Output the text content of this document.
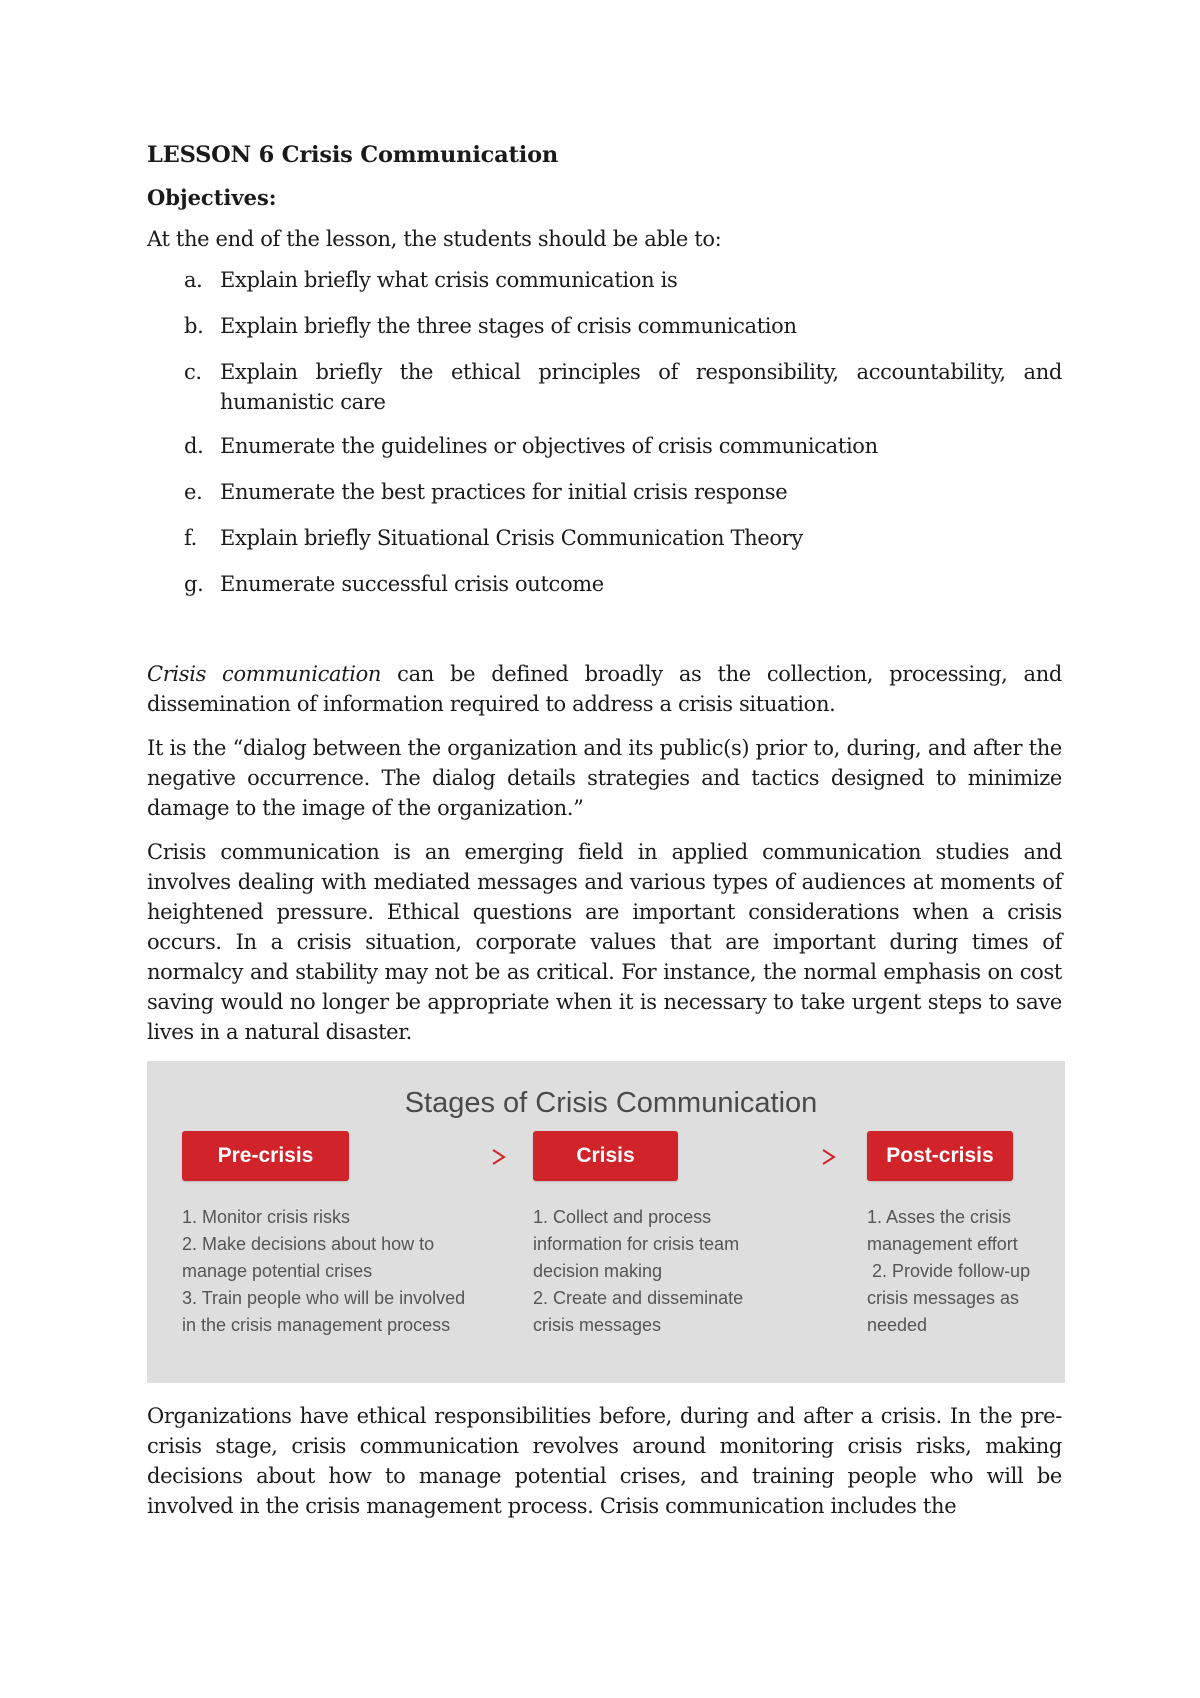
LESSON 6 Crisis Communication
Objectives:
At the end of the lesson, the students should be able to:
a. Explain briefly what crisis communication is
b. Explain briefly the three stages of crisis communication
c. Explain briefly the ethical principles of responsibility, accountability, and humanistic care
d. Enumerate the guidelines or objectives of crisis communication
e. Enumerate the best practices for initial crisis response
f. Explain briefly Situational Crisis Communication Theory
g. Enumerate successful crisis outcome

Crisis communication can be defined broadly as the collection, processing, and dissemination of information required to address a crisis situation.

It is the “dialog between the organization and its public(s) prior to, during, and after the negative occurrence. The dialog details strategies and tactics designed to minimize damage to the image of the organization.”

Crisis communication is an emerging field in applied communication studies and involves dealing with mediated messages and various types of audiences at moments of heightened pressure. Ethical questions are important considerations when a crisis occurs. In a crisis situation, corporate values that are important during times of normalcy and stability may not be as critical. For instance, the normal emphasis on cost saving would no longer be appropriate when it is necessary to take urgent steps to save lives in a natural disaster.

Stages of Crisis Communication
Pre-crisis	Crisis	Post-crisis
1. Monitor crisis risks
2. Make decisions about how to
manage potential crises
3. Train people who will be involved
in the crisis management process
1. Collect and process
information for crisis team
decision making
2. Create and disseminate
crisis messages
1. Asses the crisis
management effort
2. Provide follow-up
crisis messages as
needed

Organizations have ethical responsibilities before, during and after a crisis. In the pre-crisis stage, crisis communication revolves around monitoring crisis risks, making decisions about how to manage potential crises, and training people who will be involved in the crisis management process. Crisis communication includes the
